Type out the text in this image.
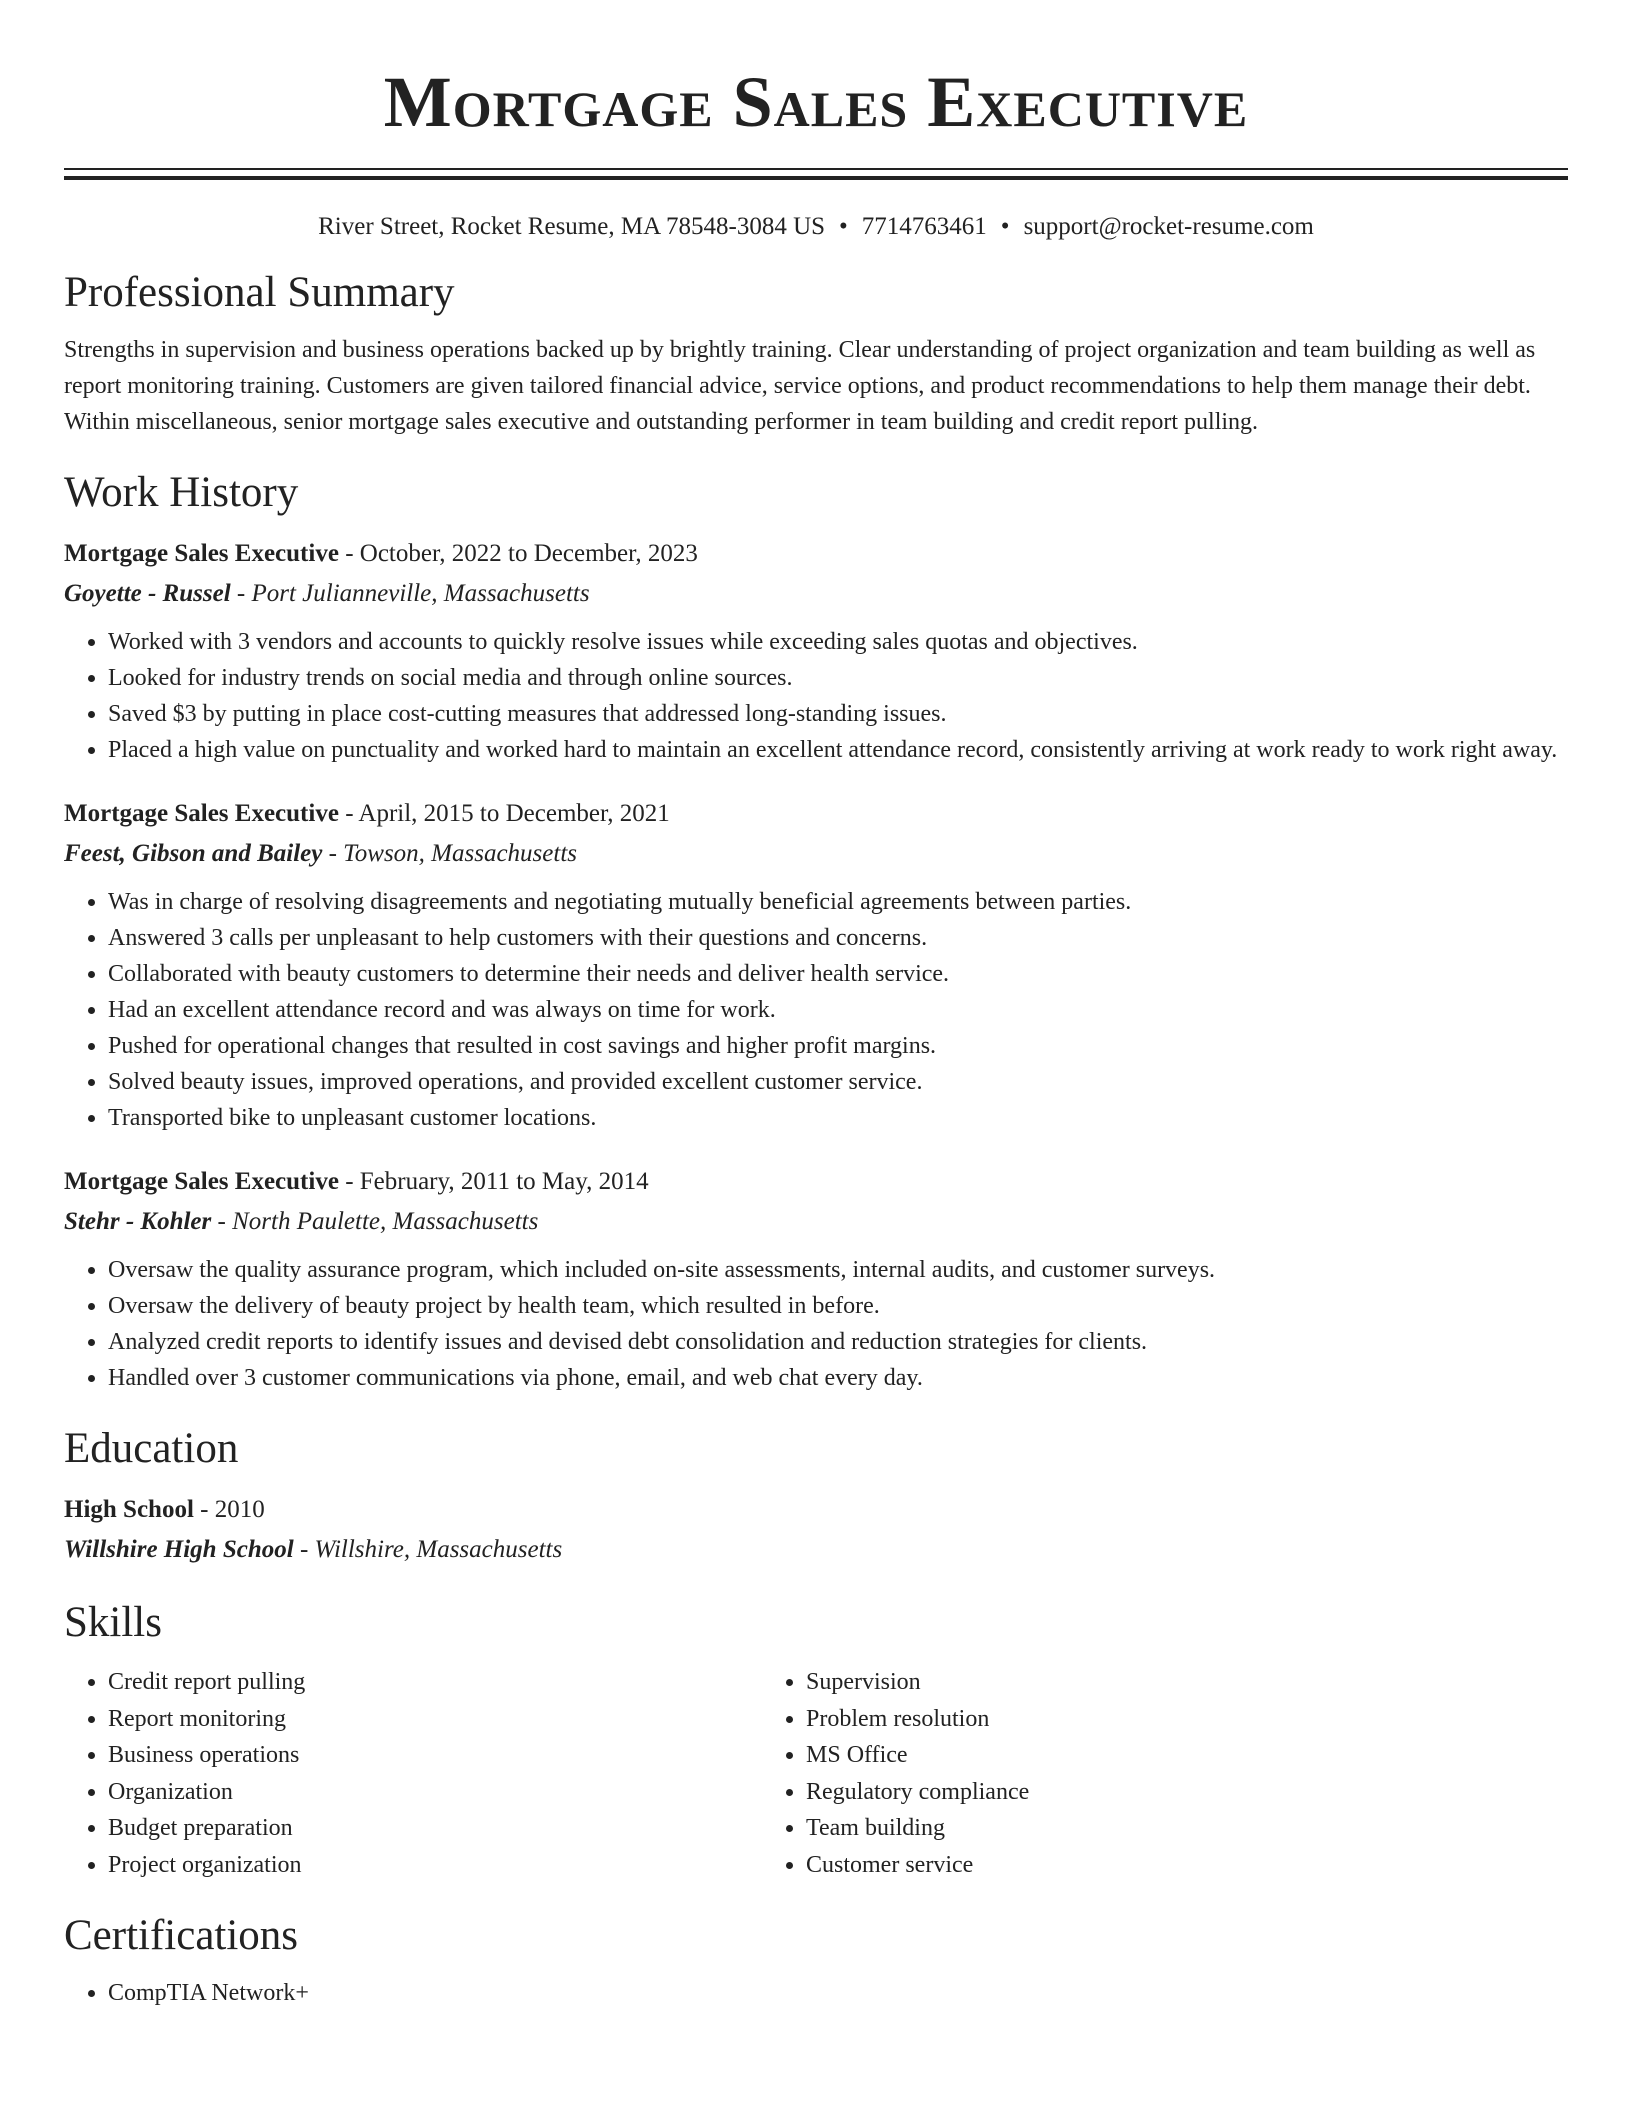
Mortgage Sales Executive
River Street, Rocket Resume, MA 78548-3084 US • 7714763461 • support@rocket-resume.com
Professional Summary
Strengths in supervision and business operations backed up by brightly training. Clear understanding of project organization and team building as well as report monitoring training. Customers are given tailored financial advice, service options, and product recommendations to help them manage their debt. Within miscellaneous, senior mortgage sales executive and outstanding performer in team building and credit report pulling.
Work History
Mortgage Sales Executive - October, 2022 to December, 2023
Goyette - Russel - Port Julianneville, Massachusetts
• Worked with 3 vendors and accounts to quickly resolve issues while exceeding sales quotas and objectives.
• Looked for industry trends on social media and through online sources.
• Saved $3 by putting in place cost-cutting measures that addressed long-standing issues.
• Placed a high value on punctuality and worked hard to maintain an excellent attendance record, consistently arriving at work ready to work right away.
Mortgage Sales Executive - April, 2015 to December, 2021
Feest, Gibson and Bailey - Towson, Massachusetts
• Was in charge of resolving disagreements and negotiating mutually beneficial agreements between parties.
• Answered 3 calls per unpleasant to help customers with their questions and concerns.
• Collaborated with beauty customers to determine their needs and deliver health service.
• Had an excellent attendance record and was always on time for work.
• Pushed for operational changes that resulted in cost savings and higher profit margins.
• Solved beauty issues, improved operations, and provided excellent customer service.
• Transported bike to unpleasant customer locations.
Mortgage Sales Executive - February, 2011 to May, 2014
Stehr - Kohler - North Paulette, Massachusetts
• Oversaw the quality assurance program, which included on-site assessments, internal audits, and customer surveys.
• Oversaw the delivery of beauty project by health team, which resulted in before.
• Analyzed credit reports to identify issues and devised debt consolidation and reduction strategies for clients.
• Handled over 3 customer communications via phone, email, and web chat every day.
Education
High School - 2010
Willshire High School - Willshire, Massachusetts
Skills
• Credit report pulling
• Report monitoring
• Business operations
• Organization
• Budget preparation
• Project organization
• Supervision
• Problem resolution
• MS Office
• Regulatory compliance
• Team building
• Customer service
Certifications
• CompTIA Network+
